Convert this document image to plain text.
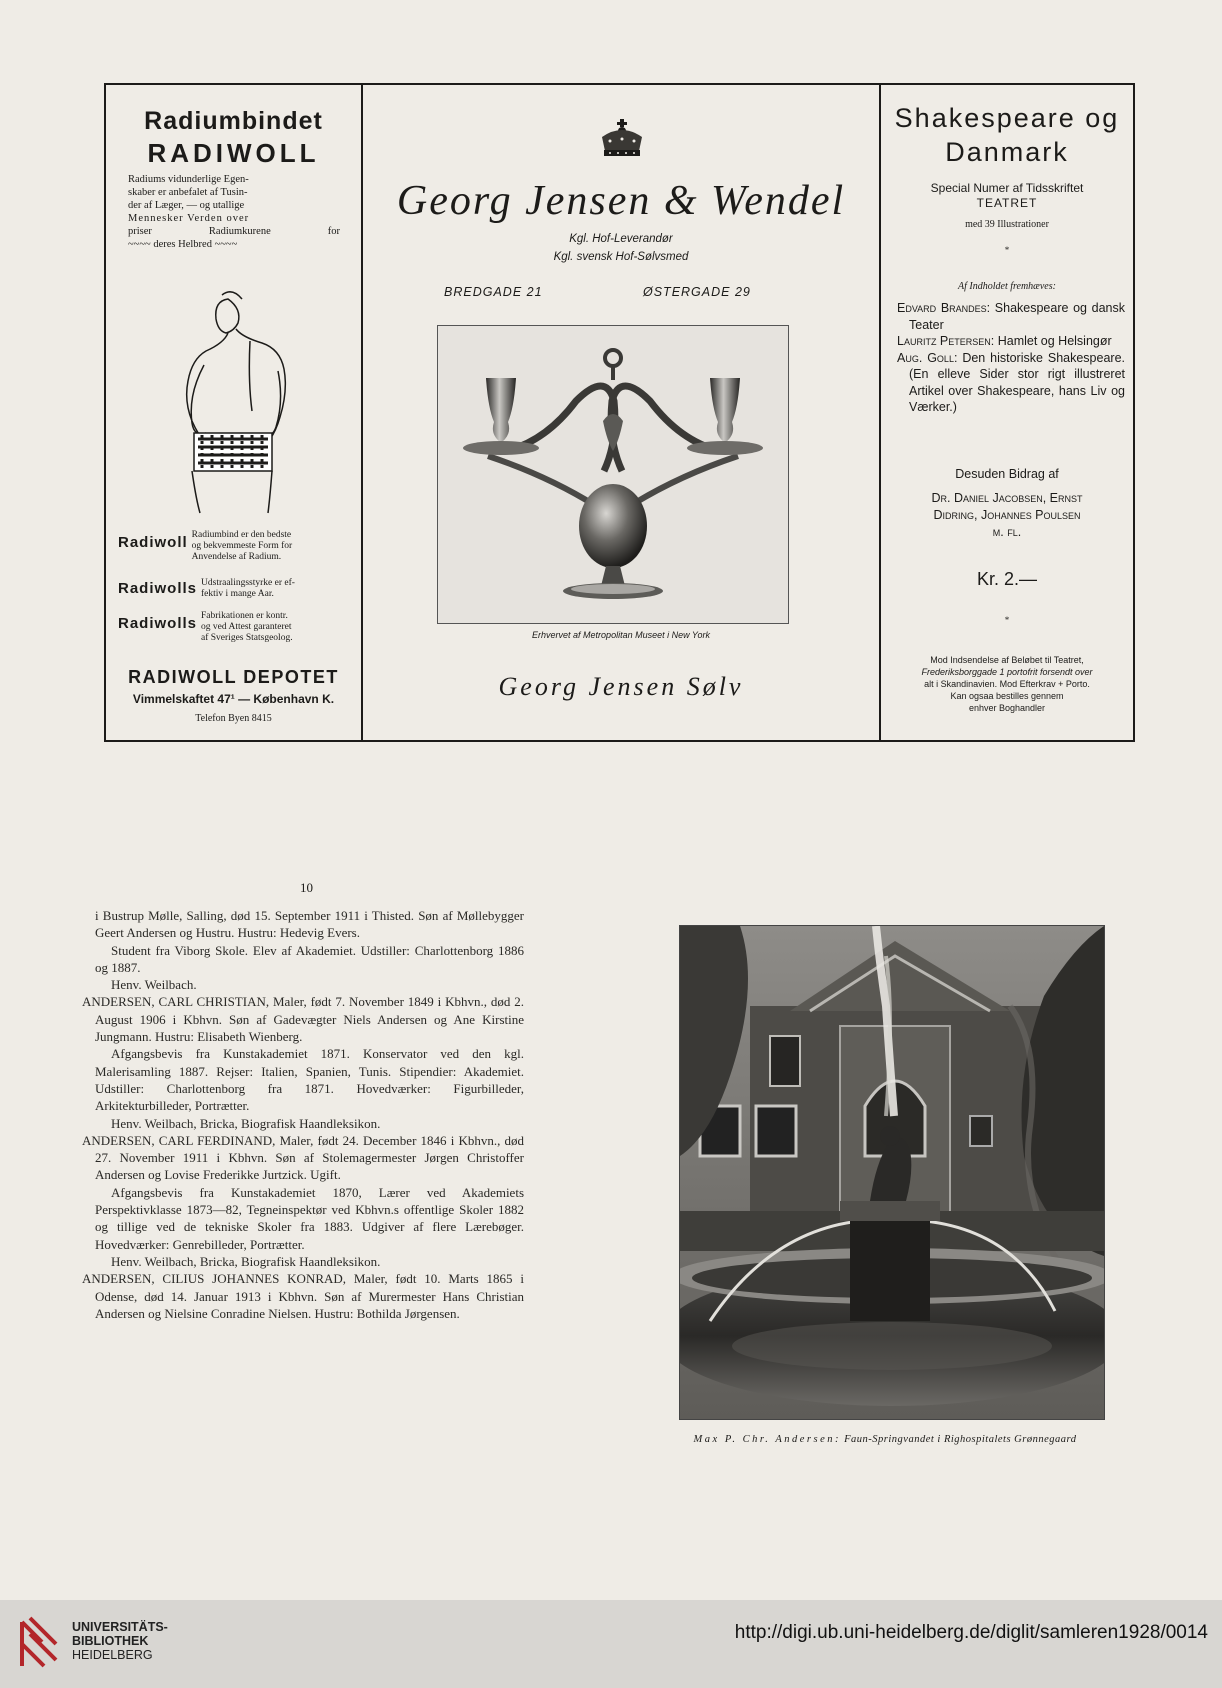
Radiumbindet
RADIWOLL
Radiums vidunderlige Egen-
skaber er anbefalet af Tusin-
der af Læger, — og utallige
Mennesker Verden over
priser Radiumkurene for
~~~~ deres Helbred ~~~~
Radiwoll Radiumbind er den bedste
og bekvemmeste Form for
Anvendelse af Radium.
Radiwolls Udstraalingsstyrke er ef-
fektiv i mange Aar.
Radiwolls Fabrikationen er kontr.
og ved Attest garanteret
af Sveriges Statsgeolog.
RADIWOLL DEPOTET
Vimmelskaftet 47¹ — København K.
Telefon Byen 8415
Georg Jensen & Wendel
Kgl. Hof-Leverandør
Kgl. svensk Hof-Sølvsmed
BREDGADE 21	ØSTERGADE 29
Erhvervet af Metropolitan Museet i New York
Georg Jensen Sølv
Shakespeare og
Danmark
Special Numer af Tidsskriftet
TEATRET
med 39 Illustrationer
*
Af Indholdet fremhæves:
Edvard Brandes: Shakespeare og dansk Teater
Lauritz Petersen: Hamlet og Helsingør
Aug. Goll: Den historiske Shakespeare. (En elleve Sider stor rigt illustreret Artikel over Shakespeare, hans Liv og Værker.)
Desuden Bidrag af
Dr. Daniel Jacobsen, Ernst
Didring, Johannes Poulsen
m. fl.
Kr. 2.—
*
Mod Indsendelse af Beløbet til Teatret,
Frederiksborggade 1 portofrit forsendt over
alt i Skandinavien. Mod Efterkrav + Porto.
Kan ogsaa bestilles gennem
enhver Boghandler
10

i Bustrup Mølle, Salling, død 15. September 1911 i Thisted. Søn af Møllebygger Geert Andersen og Hustru. Hustru: Hedevig Evers.

Student fra Viborg Skole. Elev af Akademiet. Udstiller: Charlottenborg 1886 og 1887.

Henv. Weilbach.

ANDERSEN, CARL CHRISTIAN, Maler, født 7. November 1849 i Kbhvn., død 2. August 1906 i Kbhvn. Søn af Gadevægter Niels Andersen og Ane Kirstine Jungmann. Hustru: Elisabeth Wienberg.

Afgangsbevis fra Kunstakademiet 1871. Konservator ved den kgl. Malerisamling 1887. Rejser: Italien, Spanien, Tunis. Stipendier: Akademiet. Udstiller: Charlottenborg fra 1871. Hovedværker: Figurbilleder, Arkitekturbilleder, Portrætter.

Henv. Weilbach, Bricka, Biografisk Haandleksikon.

ANDERSEN, CARL FERDINAND, Maler, født 24. December 1846 i Kbhvn., død 27. November 1911 i Kbhvn. Søn af Stolemagermester Jørgen Christoffer Andersen og Lovise Frederikke Jurtzick. Ugift.

Afgangsbevis fra Kunstakademiet 1870, Lærer ved Akademiets Perspektivklasse 1873—82, Tegneinspektør ved Kbhvn.s offentlige Skoler 1882 og tillige ved de tekniske Skoler fra 1883. Udgiver af flere Lærebøger. Hovedværker: Genrebilleder, Portrætter.

Henv. Weilbach, Bricka, Biografisk Haandleksikon.

ANDERSEN, CILIUS JOHANNES KONRAD, Maler, født 10. Marts 1865 i Odense, død 14. Januar 1913 i Kbhvn. Søn af Murermester Hans Christian Andersen og Nielsine Conradine Nielsen. Hustru: Bothilda Jørgensen.

Max P. Chr. Andersen: Faun-Springvandet i Righospitalets Grønnegaard
UNIVERSITÄTS-
BIBLIOTHEK
HEIDELBERG
http://digi.ub.uni-heidelberg.de/diglit/samleren1928/0014
